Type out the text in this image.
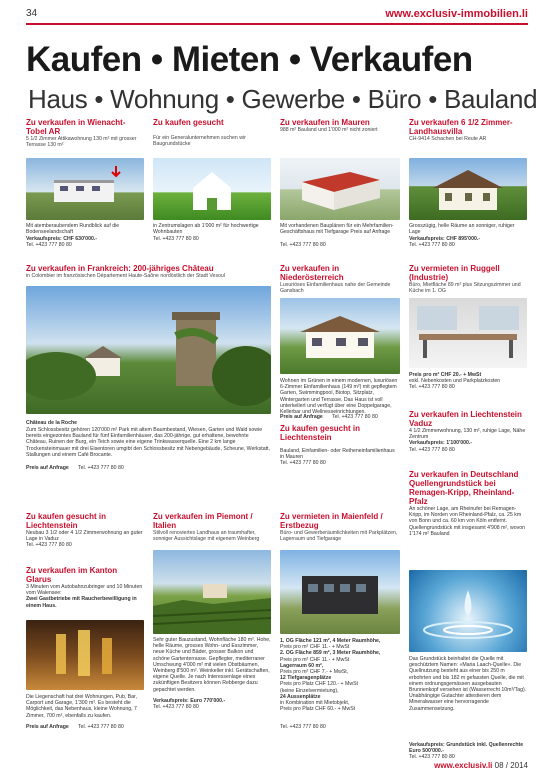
34	www.exclusiv-immobilien.li
Kaufen • Mieten • Verkaufen
Haus • Wohnung • Gewerbe • Büro • Bauland
Zu verkaufen in Wienacht-Tobel AR
5 1/2 Zimmer Attikawohnung 130 m² mit grosser Terrasse 130 m²
Mit atemberaubendem Rundblick auf die Bodenseelandschaft
Verkaufspreis: CHF 630'000.-
Tel. +423 777 80 80
Zu kaufen gesucht
Für ein Generalunternehmen suchen wir Baugrundstücke
in Zentrumslagen ab 1'000 m² für hochwertige Wohnbauten
Tel. +423 777 80 80
Zu verkaufen in Mauren
988 m² Bauland und 1'000 m² nicht zoniert
Mit vorhandenen Bauplänen für ein Mehrfamilien-Geschäftshaus mit Tiefgarage Preis auf Anfrage
Tel. +423 777 80 80
Zu verkaufen 6 1/2 Zimmer-Landhausvilla
CH-9414 Schachen bei Reute AR
Grosszügig, helle Räume an sonniger, ruhiger Lage
Verkaufspreis: CHF 895'000.-
Tel. +423 777 80 80
Zu verkaufen in Frankreich: 200-jähriges Château
in Colombier im französischen Département Haute-Saône nordöstlich der Stadt Vesoul
Château de la Roche
Zum Schlossbesitz gehören 120'000 m² Park mit altem Baumbestand, Wiesen, Garten und Wald sowie bereits eingezontes Bauland für fünf Einfamilienhäuser, das 200-jährige, gut erhaltene, bewohnte Château, Ruinen der Burg, ein Teich sowie eine eigene Trinkwasserquelle. Eine 2 km lange Trockensteinmauer mit drei Eisentoren umgibt den Schlossbesitz mit Nebengebäude, Scheune, Werkstatt, Stallungen und einem Café Brocante.
Preis auf Anfrage Tel. +423 777 80 80
Zu verkaufen in Niederösterreich
Luxuriöses Einfamilienhaus nahe der Gemeinde Gansbach
Wohnen im Grünen in einem modernen, luxuriösen 6-Zimmer Einfamilienhaus (149 m²) mit gepflegtem Garten, Swimmingpool, Biotop, Sitzplatz, Wintergarten und Terrasse. Das Haus ist voll unterkellert und verfügt über eine Doppelgarage, Kellerbar und Wellnesseinrichtungen.
Preis auf Anfrage Tel. +423 777 80 80
Zu vermieten in Ruggell (Industrie)
Büro, Mietfläche 89 m² plus Sitzungszimmer und Küche im 1. OG
Preis pro m² CHF 20.- + MwSt
exkl. Nebenkosten und Parkplatzkosten
Tel. +423 777 80 80
Zu kaufen gesucht in Liechtenstein
Bauland, Einfamilien- oder Reiheneinfamilienhaus in Mauren
Tel. +423 777 80 80
Zu verkaufen in Liechtenstein Vaduz
4 1/2 Zimmerwohnung, 130 m², ruhige Lage, Nähe Zentrum
Verkaufspreis: 1'100'000.-
Tel. +423 777 80 80
Zu kaufen gesucht in Liechtenstein
Neubau 3 1/2 oder 4 1/2 Zimmerwohnung an guter Lage in Vaduz
Tel. +423 777 80 80
Zu verkaufen im Kanton Glarus
3 Minuten vom Autobahnzubringer und 10 Minuten vom Walensee:
Zwei Gastbetriebe mit Raucherbewilligung in einem Haus.
Die Liegenschaft hat drei Wohnungen, Pub, Bar, Carport und Garage, 1'300 m². Es besteht die Möglichkeit, das Nebenhaus, kleine Wohnung, 7 Zimmer, 700 m², ebenfalls zu kaufen.
Preis auf Anfrage Tel. +423 777 80 80
Zu verkaufen im Piemont / Italien
Stilvoll renoviertes Landhaus an traumhafter, sonniger Aussichtslage mit eigenem Weinberg
Sehr guter Bauzustand, Wohnfläche 180 m². Hohe, helle Räume, grosses Wohn- und Esszimmer, neue Küche und Bäder, grosser Balkon und schöne Gartenterrasse. Gepflegter, mediterraner Umschwung 4'000 m² mit vielen Obstbäumen, Weinberg 8'500 m². Weinkeller inkl. Gerätschaften, eigene Quelle. Je nach Interessenlage eines zukünftigen Besitzers können Rebberge dazu gepachtet werden.
Verkaufspreis: Euro 770'000.-
Tel. +423 777 80 80
Zu vermieten in Maienfeld / Erstbezug
Büro- und Gewerberäumlichkeiten mit Parkplätzen, Lagerraum und Tiefgarage
1. OG Fläche 121 m², 4 Meter Raumhöhe,
Preis pro m² CHF 11.- + MwSt
2. OG Fläche 859 m², 3 Meter Raumhöhe,
Preis pro m² CHF 11.- + MwSt
Lagerraum 60 m²,
Preis pro m² CHF 7.- + MwSt,
12 Tiefgaragenplätze
Preis pro Platz CHF 120.- + MwSt
(keine Einzelvermietung),
24 Aussenplätze
in Kombination mit Mietobjekt,
Preis pro Platz CHF 60.- + MwSt
Tel. +423 777 80 80
Zu verkaufen in Deutschland Quellengrundstück bei Remagen-Kripp, Rheinland-Pfalz
An schöner Lage, am Rheinufer bei Remagen-Kripp, im Norden von Rheinland-Pfalz, ca. 25 km von Bonn und ca. 60 km von Köln entfernt. Quellengrundstück mit insgesamt 4'908 m², wovon 1'174 m² Bauland
Das Grundstück beinhaltet die Quelle mit geschütztem Namen: «Maria Laach-Quelle». Die Quellnutzung besteht aus einer bis 250 m erbohrten und bis 182 m gefassten Quelle, die mit einem ordnungsgemässen ausgebauten Brunnenkopf versehen ist (Wasserrecht 10m³/Tag). Unabhängige Gutachter attestieren dem Mineralwasser eine hervorragende Zusammensetzung.
Verkaufspreis: Grundstück inkl. Quellenrechte Euro 500'000.-
Tel. +423 777 80 80
www.exclusiv.li 08 / 2014
